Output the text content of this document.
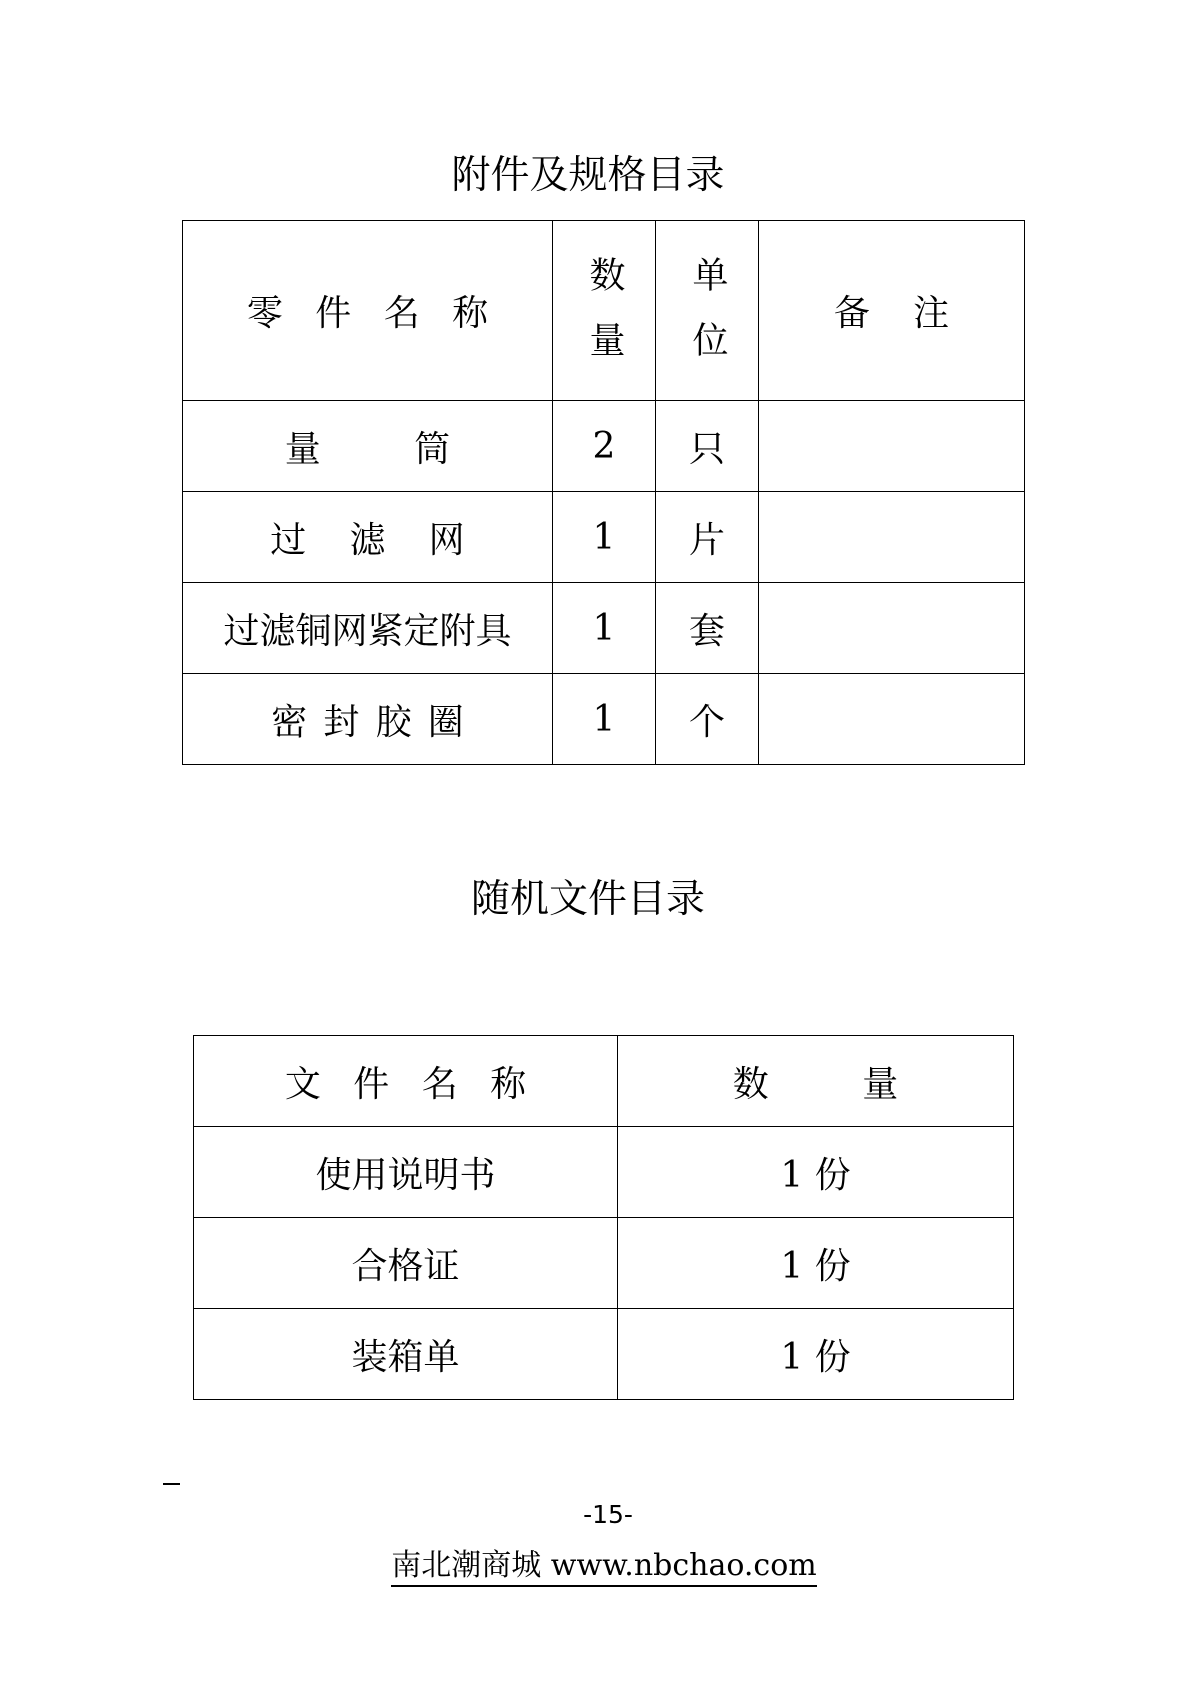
附件及规格目录
零件名称	数量	单位	备注
量筒	2	只	
过滤网	1	片	
过滤铜网紧定附具	1	套	
密封胶圈	1	个	
随机文件目录
文件名称	数量
使用说明书	1 份
合格证	1 份
装箱单	1 份
-15-
南北潮商城 www.nbchao.com
